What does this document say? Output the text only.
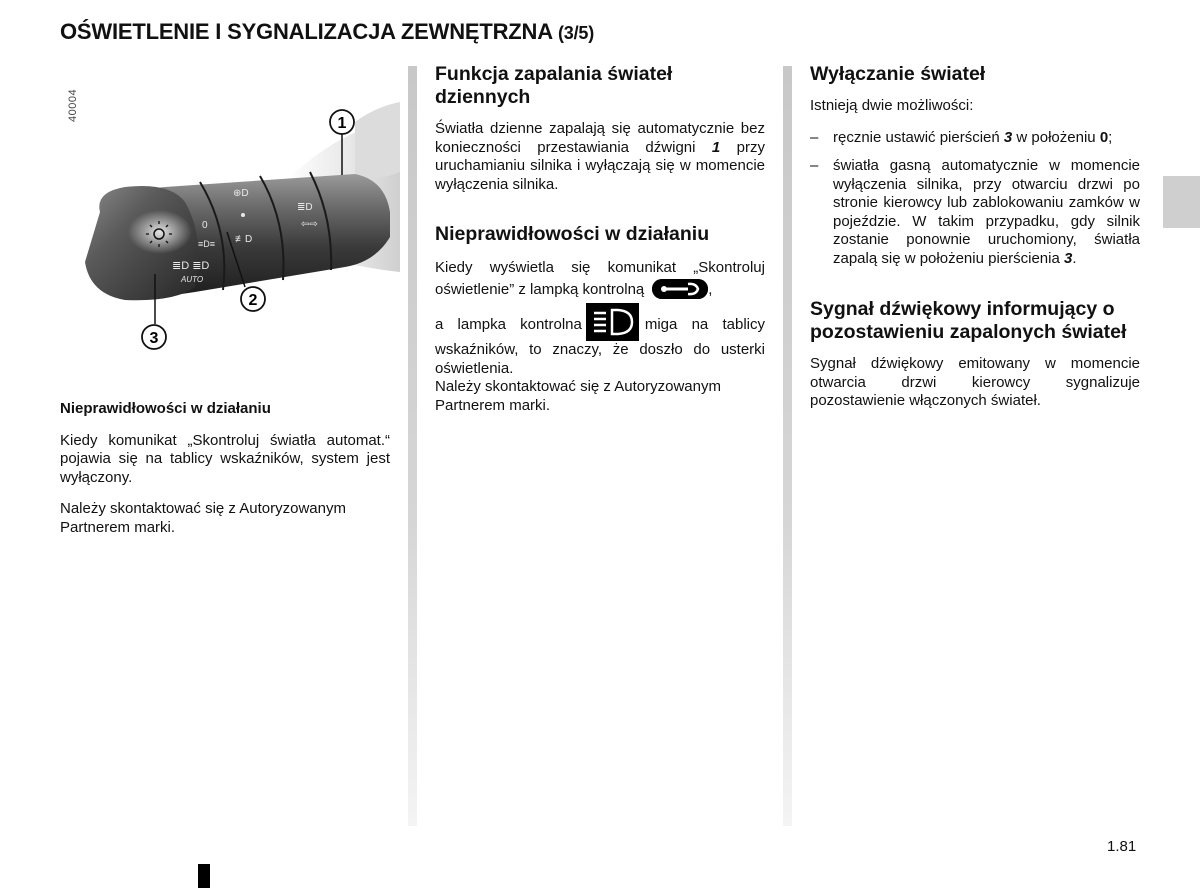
OŚWIETLENIE I SYGNALIZACJA ZEWNĘTRZNA (3/5)
0
≡D≡
≣D ≣D
AUTO
⊕D
≢D
≣D
⇦⇨
1
2
3
40004
Nieprawidłowości w działaniu

Kiedy komunikat „Skontroluj światła automat.“ pojawia się na tablicy wskaźników, system jest wyłączony.

Należy skontaktować się z Autoryzowanym Partnerem marki.

Funkcja zapalania świateł dziennych

Światła dzienne zapalają się automatycznie bez konieczności przestawiania dźwigni 1 przy uruchamianiu silnika i wyłączają się w momencie wyłączenia silnika.

Nieprawidłowości w działaniu

Kiedy wyświetla się komunikat „Skontroluj oświetlenie” z lampką kontrolną	,

a lampka kontrolna	miga na tablicy wskaźników, to znaczy, że doszło do usterki oświetlenia.

Należy skontaktować się z Autoryzowanym Partnerem marki.

Wyłączanie świateł

Istnieją dwie możliwości:

– ręcznie ustawić pierścień 3 w położeniu 0;
– światła gasną automatycznie w momencie wyłączenia silnika, przy otwarciu drzwi po stronie kierowcy lub zablokowaniu zamków w pojeździe. W takim przypadku, gdy silnik zostanie ponownie uruchomiony, światła zapalą się w położeniu pierścienia 3.
Sygnał dźwiękowy informujący o pozostawieniu zapalonych świateł

Sygnał dźwiękowy emitowany w momencie otwarcia drzwi kierowcy sygnalizuje pozostawienie włączonych świateł.

1.81
